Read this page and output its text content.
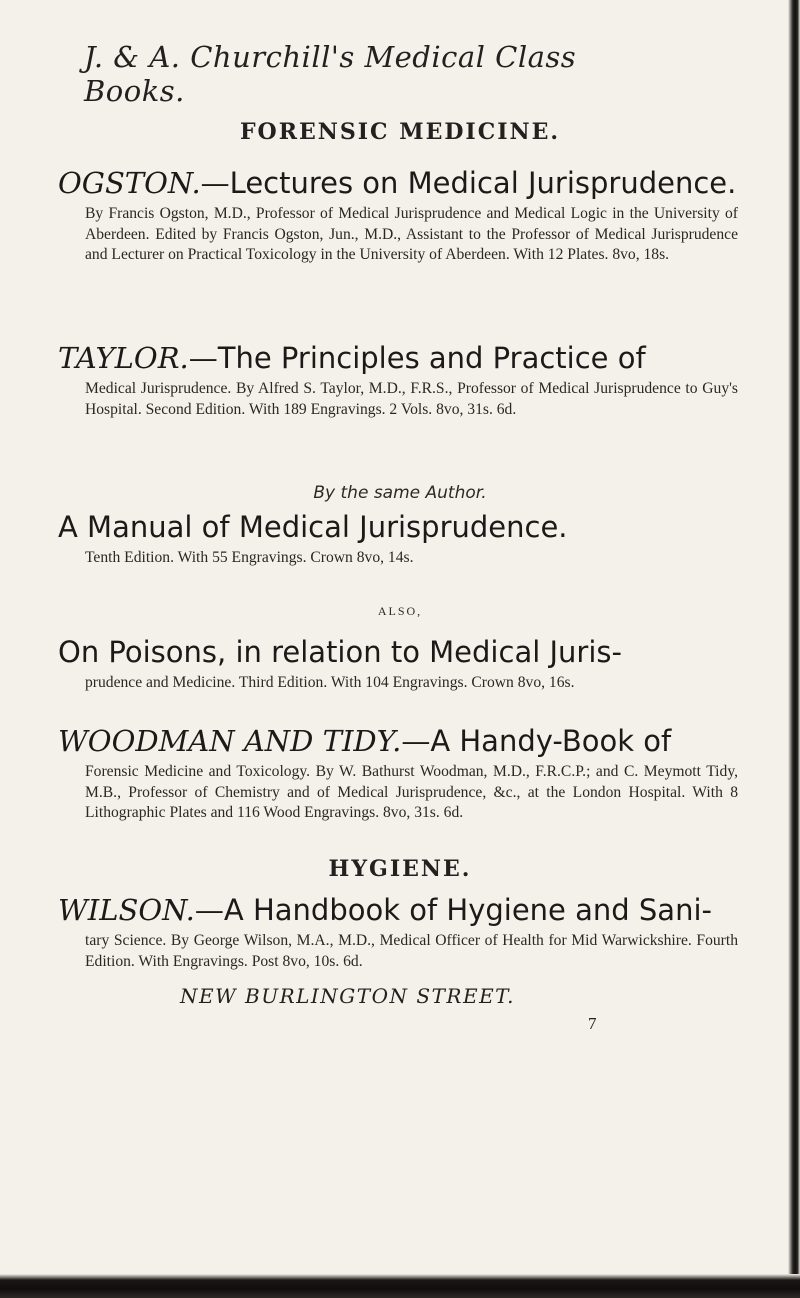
J. & A. Churchill's Medical Class Books.
FORENSIC MEDICINE.
OGSTON.—Lectures on Medical Jurisprudence.
By Francis Ogston, M.D., Professor of Medical Jurisprudence and Medical Logic in the University of Aberdeen. Edited by Francis Ogston, Jun., M.D., Assistant to the Professor of Medical Jurisprudence and Lecturer on Practical Toxicology in the University of Aberdeen. With 12 Plates. 8vo, 18s.
TAYLOR.—The Principles and Practice of
Medical Jurisprudence. By Alfred S. Taylor, M.D., F.R.S., Professor of Medical Jurisprudence to Guy's Hospital. Second Edition. With 189 Engravings. 2 Vols. 8vo, 31s. 6d.
By the same Author.
A Manual of Medical Jurisprudence.
Tenth Edition. With 55 Engravings. Crown 8vo, 14s.
ALSO,
On Poisons, in relation to Medical Juris-
prudence and Medicine. Third Edition. With 104 Engravings. Crown 8vo, 16s.
WOODMAN AND TIDY.—A Handy-Book of
Forensic Medicine and Toxicology. By W. Bathurst Woodman, M.D., F.R.C.P.; and C. Meymott Tidy, M.B., Professor of Chemistry and of Medical Jurisprudence, &c., at the London Hospital. With 8 Lithographic Plates and 116 Wood Engravings. 8vo, 31s. 6d.
HYGIENE.
WILSON.—A Handbook of Hygiene and Sani-
tary Science. By George Wilson, M.A., M.D., Medical Officer of Health for Mid Warwickshire. Fourth Edition. With Engravings. Post 8vo, 10s. 6d.
NEW BURLINGTON STREET.
7
